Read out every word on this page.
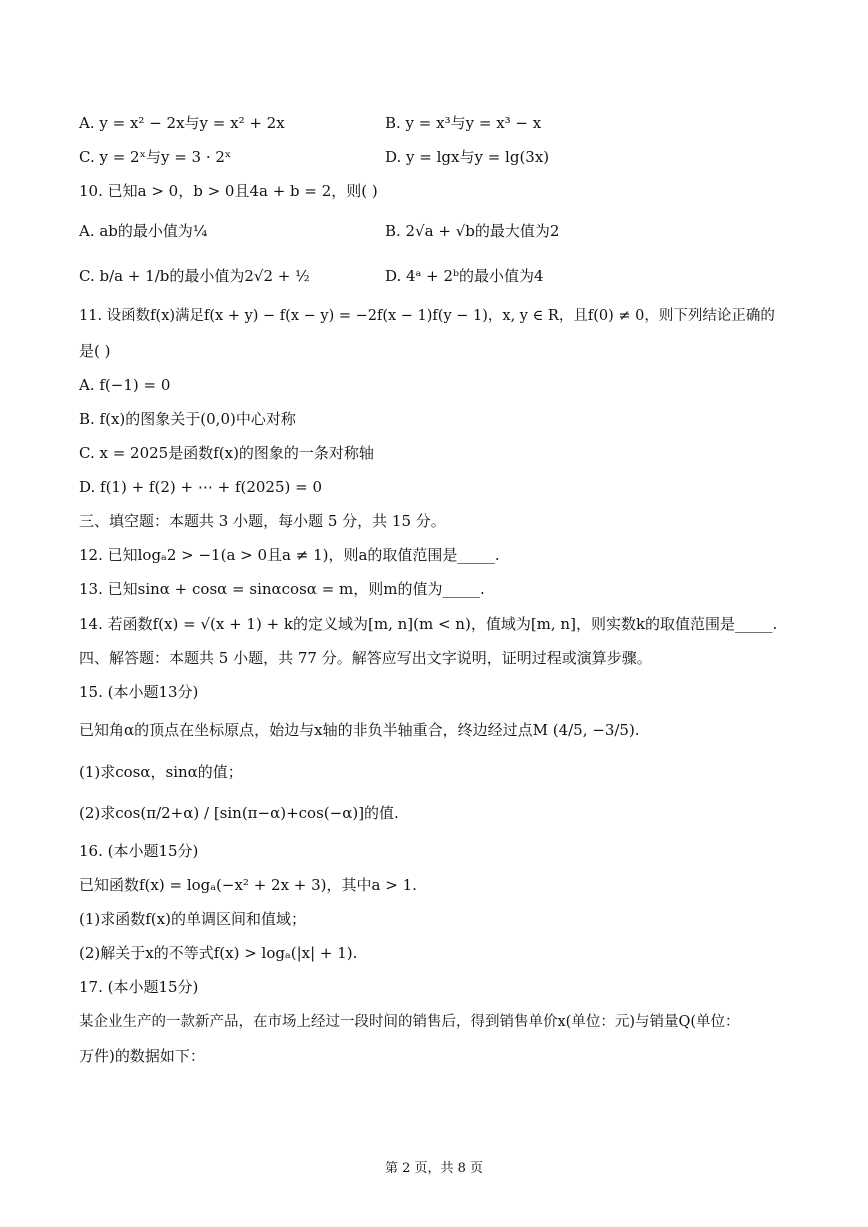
A. y = x² − 2x与y = x² + 2x	B. y = x³与y = x³ − x
C. y = 2ˣ与y = 3 · 2ˣ	D. y = lgx与y = lg(3x)
10. 已知a > 0，b > 0且4a + b = 2，则( )
A. ab的最小值为¼	B. 2√a + √b的最大值为2
C. b/a + 1/b的最小值为2√2 + ½	D. 4ᵃ + 2ᵇ的最小值为4
11. 设函数f(x)满足f(x + y) − f(x − y) = −2f(x − 1)f(y − 1)，x, y ∈ R，且f(0) ≠ 0，则下列结论正确的
是( )
A. f(−1) = 0
B. f(x)的图象关于(0,0)中心对称
C. x = 2025是函数f(x)的图象的一条对称轴
D. f(1) + f(2) + ⋯ + f(2025) = 0
三、填空题：本题共 3 小题，每小题 5 分，共 15 分。
12. 已知logₐ2 > −1(a > 0且a ≠ 1)，则a的取值范围是_____.
13. 已知sinα + cosα = sinαcosα = m，则m的值为_____.
14. 若函数f(x) = √(x + 1) + k的定义域为[m, n](m < n)，值域为[m, n]，则实数k的取值范围是_____.
四、解答题：本题共 5 小题，共 77 分。解答应写出文字说明，证明过程或演算步骤。
15. (本小题13分)
已知角α的顶点在坐标原点，始边与x轴的非负半轴重合，终边经过点M (4/5, −3/5).
(1)求cosα，sinα的值；
(2)求cos(π/2+α) / [sin(π−α)+cos(−α)]的值.
16. (本小题15分)
已知函数f(x) = logₐ(−x² + 2x + 3)，其中a > 1.
(1)求函数f(x)的单调区间和值域；
(2)解关于x的不等式f(x) > logₐ(|x| + 1).
17. (本小题15分)
某企业生产的一款新产品，在市场上经过一段时间的销售后，得到销售单价x(单位：元)与销量Q(单位：
万件)的数据如下：
第 2 页，共 8 页
